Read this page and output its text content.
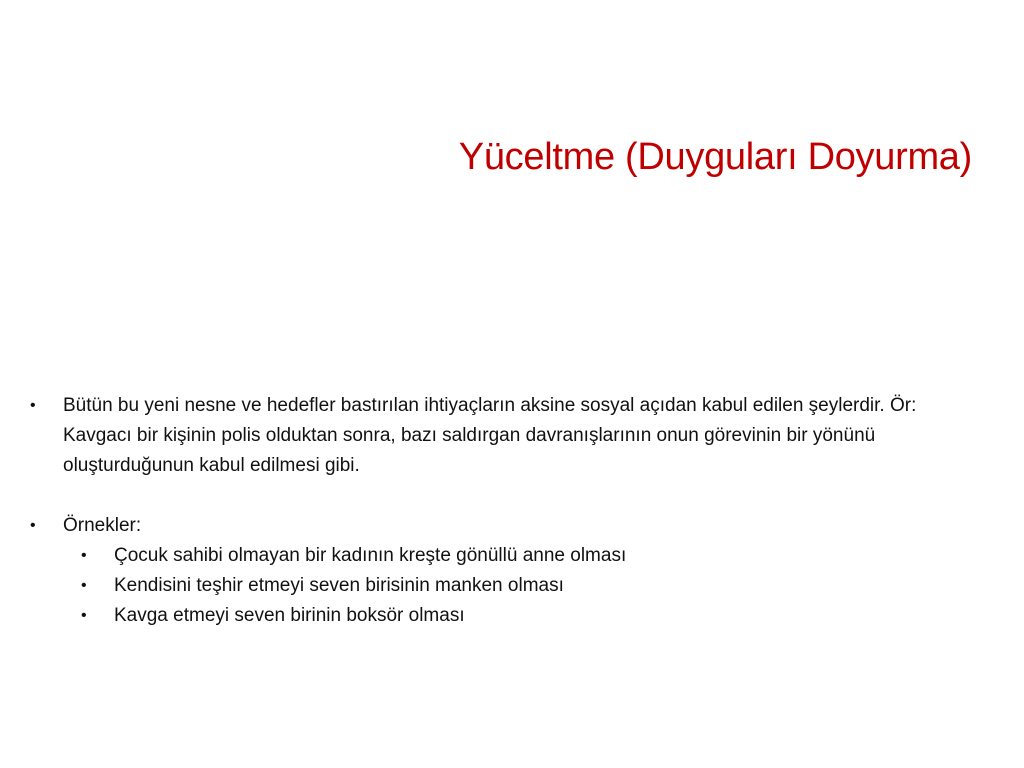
Yüceltme (Duyguları Doyurma)
•	Bütün bu yeni nesne ve hedefler bastırılan ihtiyaçların aksine sosyal açıdan kabul edilen şeylerdir. Ör: Kavgacı bir kişinin polis olduktan sonra, bazı saldırgan davranışlarının onun görevinin bir yönünü oluşturduğunun kabul edilmesi gibi.
•	Örnekler:
•	Çocuk sahibi olmayan bir kadının kreşte gönüllü anne olması
•	Kendisini teşhir etmeyi seven birisinin manken olması
•	Kavga etmeyi seven birinin boksör olması
